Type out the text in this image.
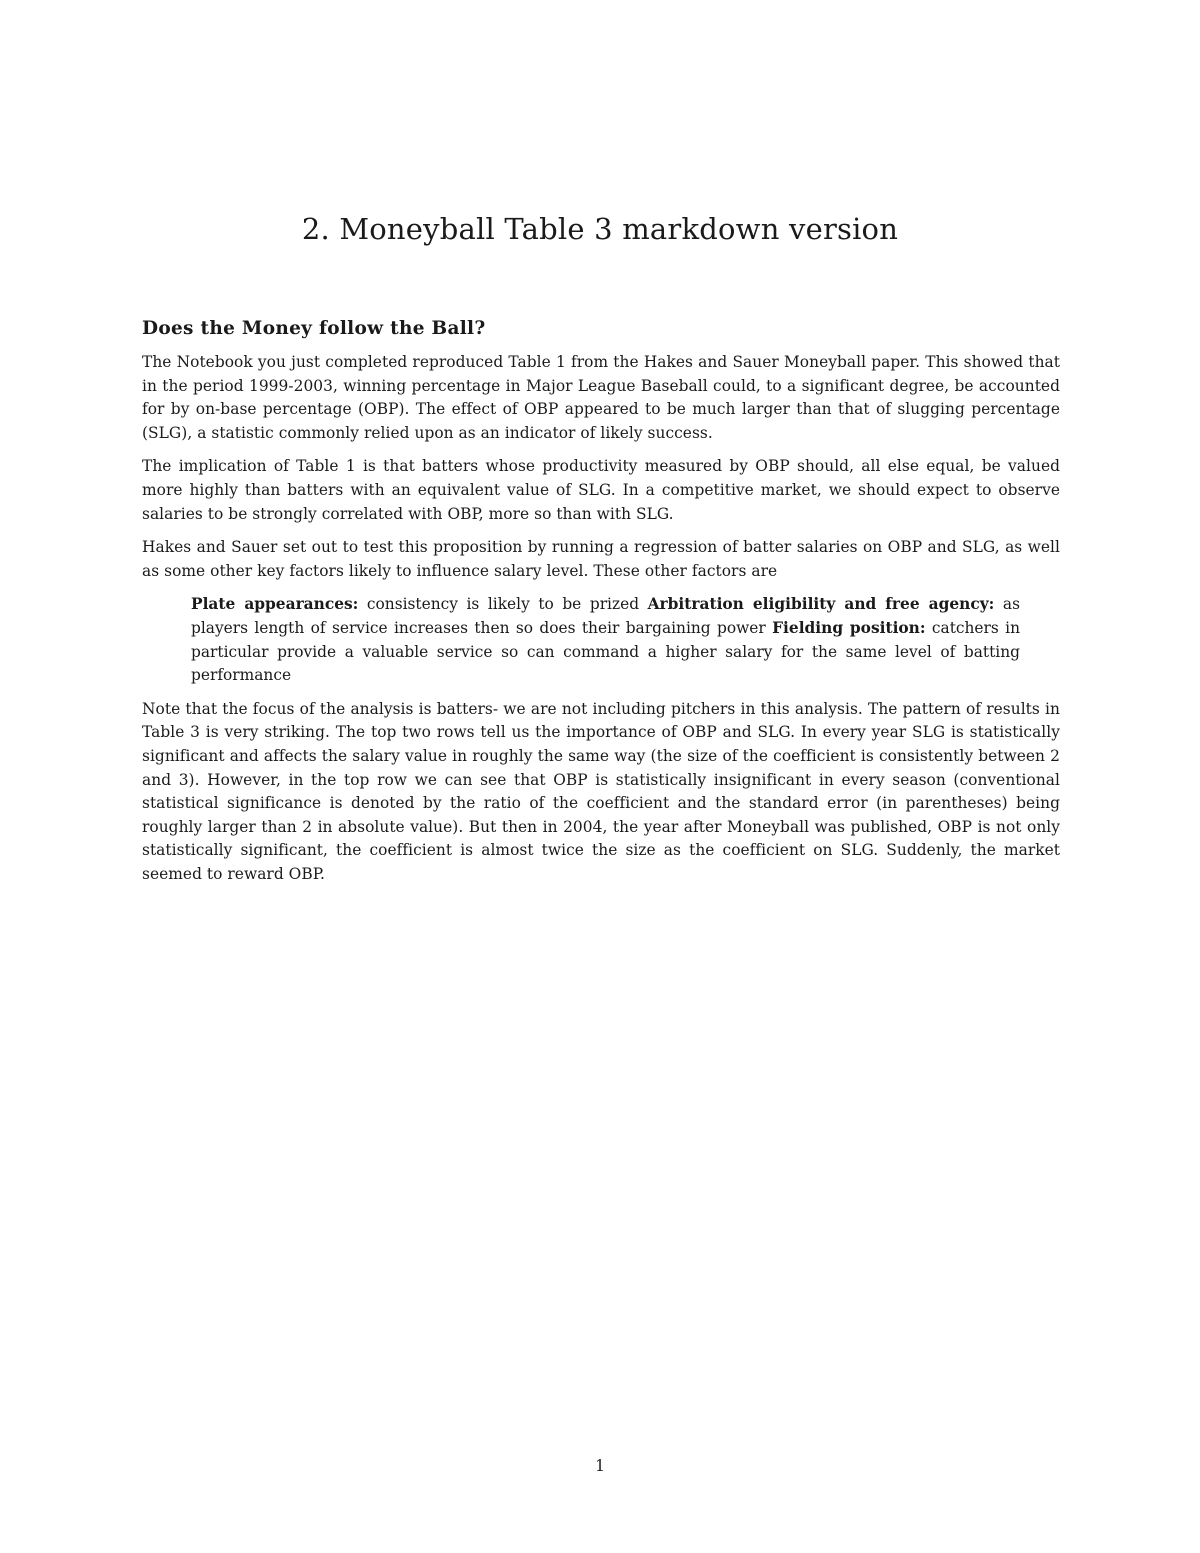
2. Moneyball Table 3 markdown version
Does the Money follow the Ball?

The Notebook you just completed reproduced Table 1 from the Hakes and Sauer Moneyball paper. This showed that in the period 1999-2003, winning percentage in Major League Baseball could, to a significant degree, be accounted for by on-base percentage (OBP). The effect of OBP appeared to be much larger than that of slugging percentage (SLG), a statistic commonly relied upon as an indicator of likely success.

The implication of Table 1 is that batters whose productivity measured by OBP should, all else equal, be valued more highly than batters with an equivalent value of SLG. In a competitive market, we should expect to observe salaries to be strongly correlated with OBP, more so than with SLG.

Hakes and Sauer set out to test this proposition by running a regression of batter salaries on OBP and SLG, as well as some other key factors likely to influence salary level. These other factors are

Plate appearances: consistency is likely to be prized Arbitration eligibility and free agency: as players length of service increases then so does their bargaining power Fielding position: catchers in particular provide a valuable service so can command a higher salary for the same level of batting performance

Note that the focus of the analysis is batters- we are not including pitchers in this analysis. The pattern of results in Table 3 is very striking. The top two rows tell us the importance of OBP and SLG. In every year SLG is statistically significant and affects the salary value in roughly the same way (the size of the coefficient is consistently between 2 and 3). However, in the top row we can see that OBP is statistically insignificant in every season (conventional statistical significance is denoted by the ratio of the coefficient and the standard error (in parentheses) being roughly larger than 2 in absolute value). But then in 2004, the year after Moneyball was published, OBP is not only statistically significant, the coefficient is almost twice the size as the coefficient on SLG. Suddenly, the market seemed to reward OBP.

1
